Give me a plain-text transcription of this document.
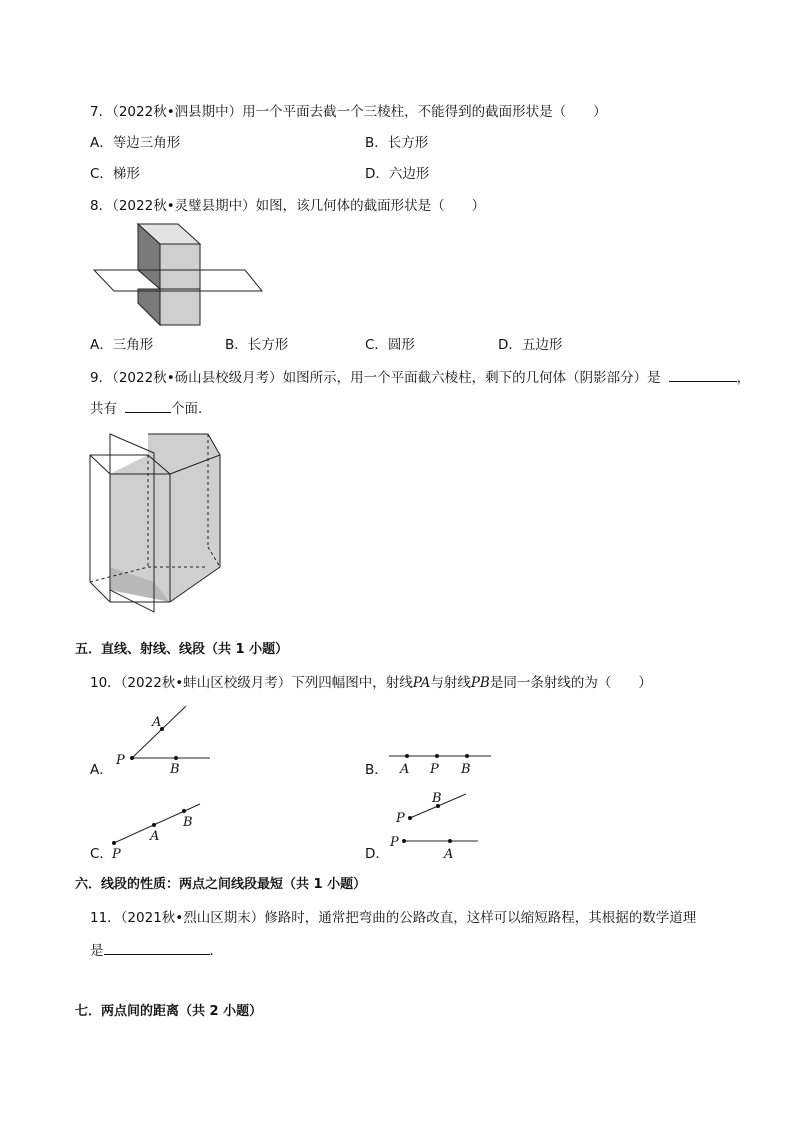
7．（2022秋•泗县期中）用一个平面去截一个三棱柱，不能得到的截面形状是（　　）
A．等边三角形	B．长方形
C．梯形	D．六边形
8．（2022秋•灵璧县期中）如图，该几何体的截面形状是（　　）
A．三角形	B．长方形	C．圆形	D．五边形
9．（2022秋•砀山县校级月考）如图所示，用一个平面截六棱柱，剩下的几何体（阴影部分）是	，
共有	个面．
五．直线、射线、线段（共 1 小题）
10．（2022秋•蚌山区校级月考）下列四幅图中，射线PA与射线PB是同一条射线的为（　　）
A．
P
A
B	B． A P B
C． P
A
B
D．
P
B
P
A
六．线段的性质：两点之间线段最短（共 1 小题）
11．（2021秋•烈山区期末）修路时，通常把弯曲的公路改直，这样可以缩短路程，其根据的数学道理
是	．
七．两点间的距离（共 2 小题）
